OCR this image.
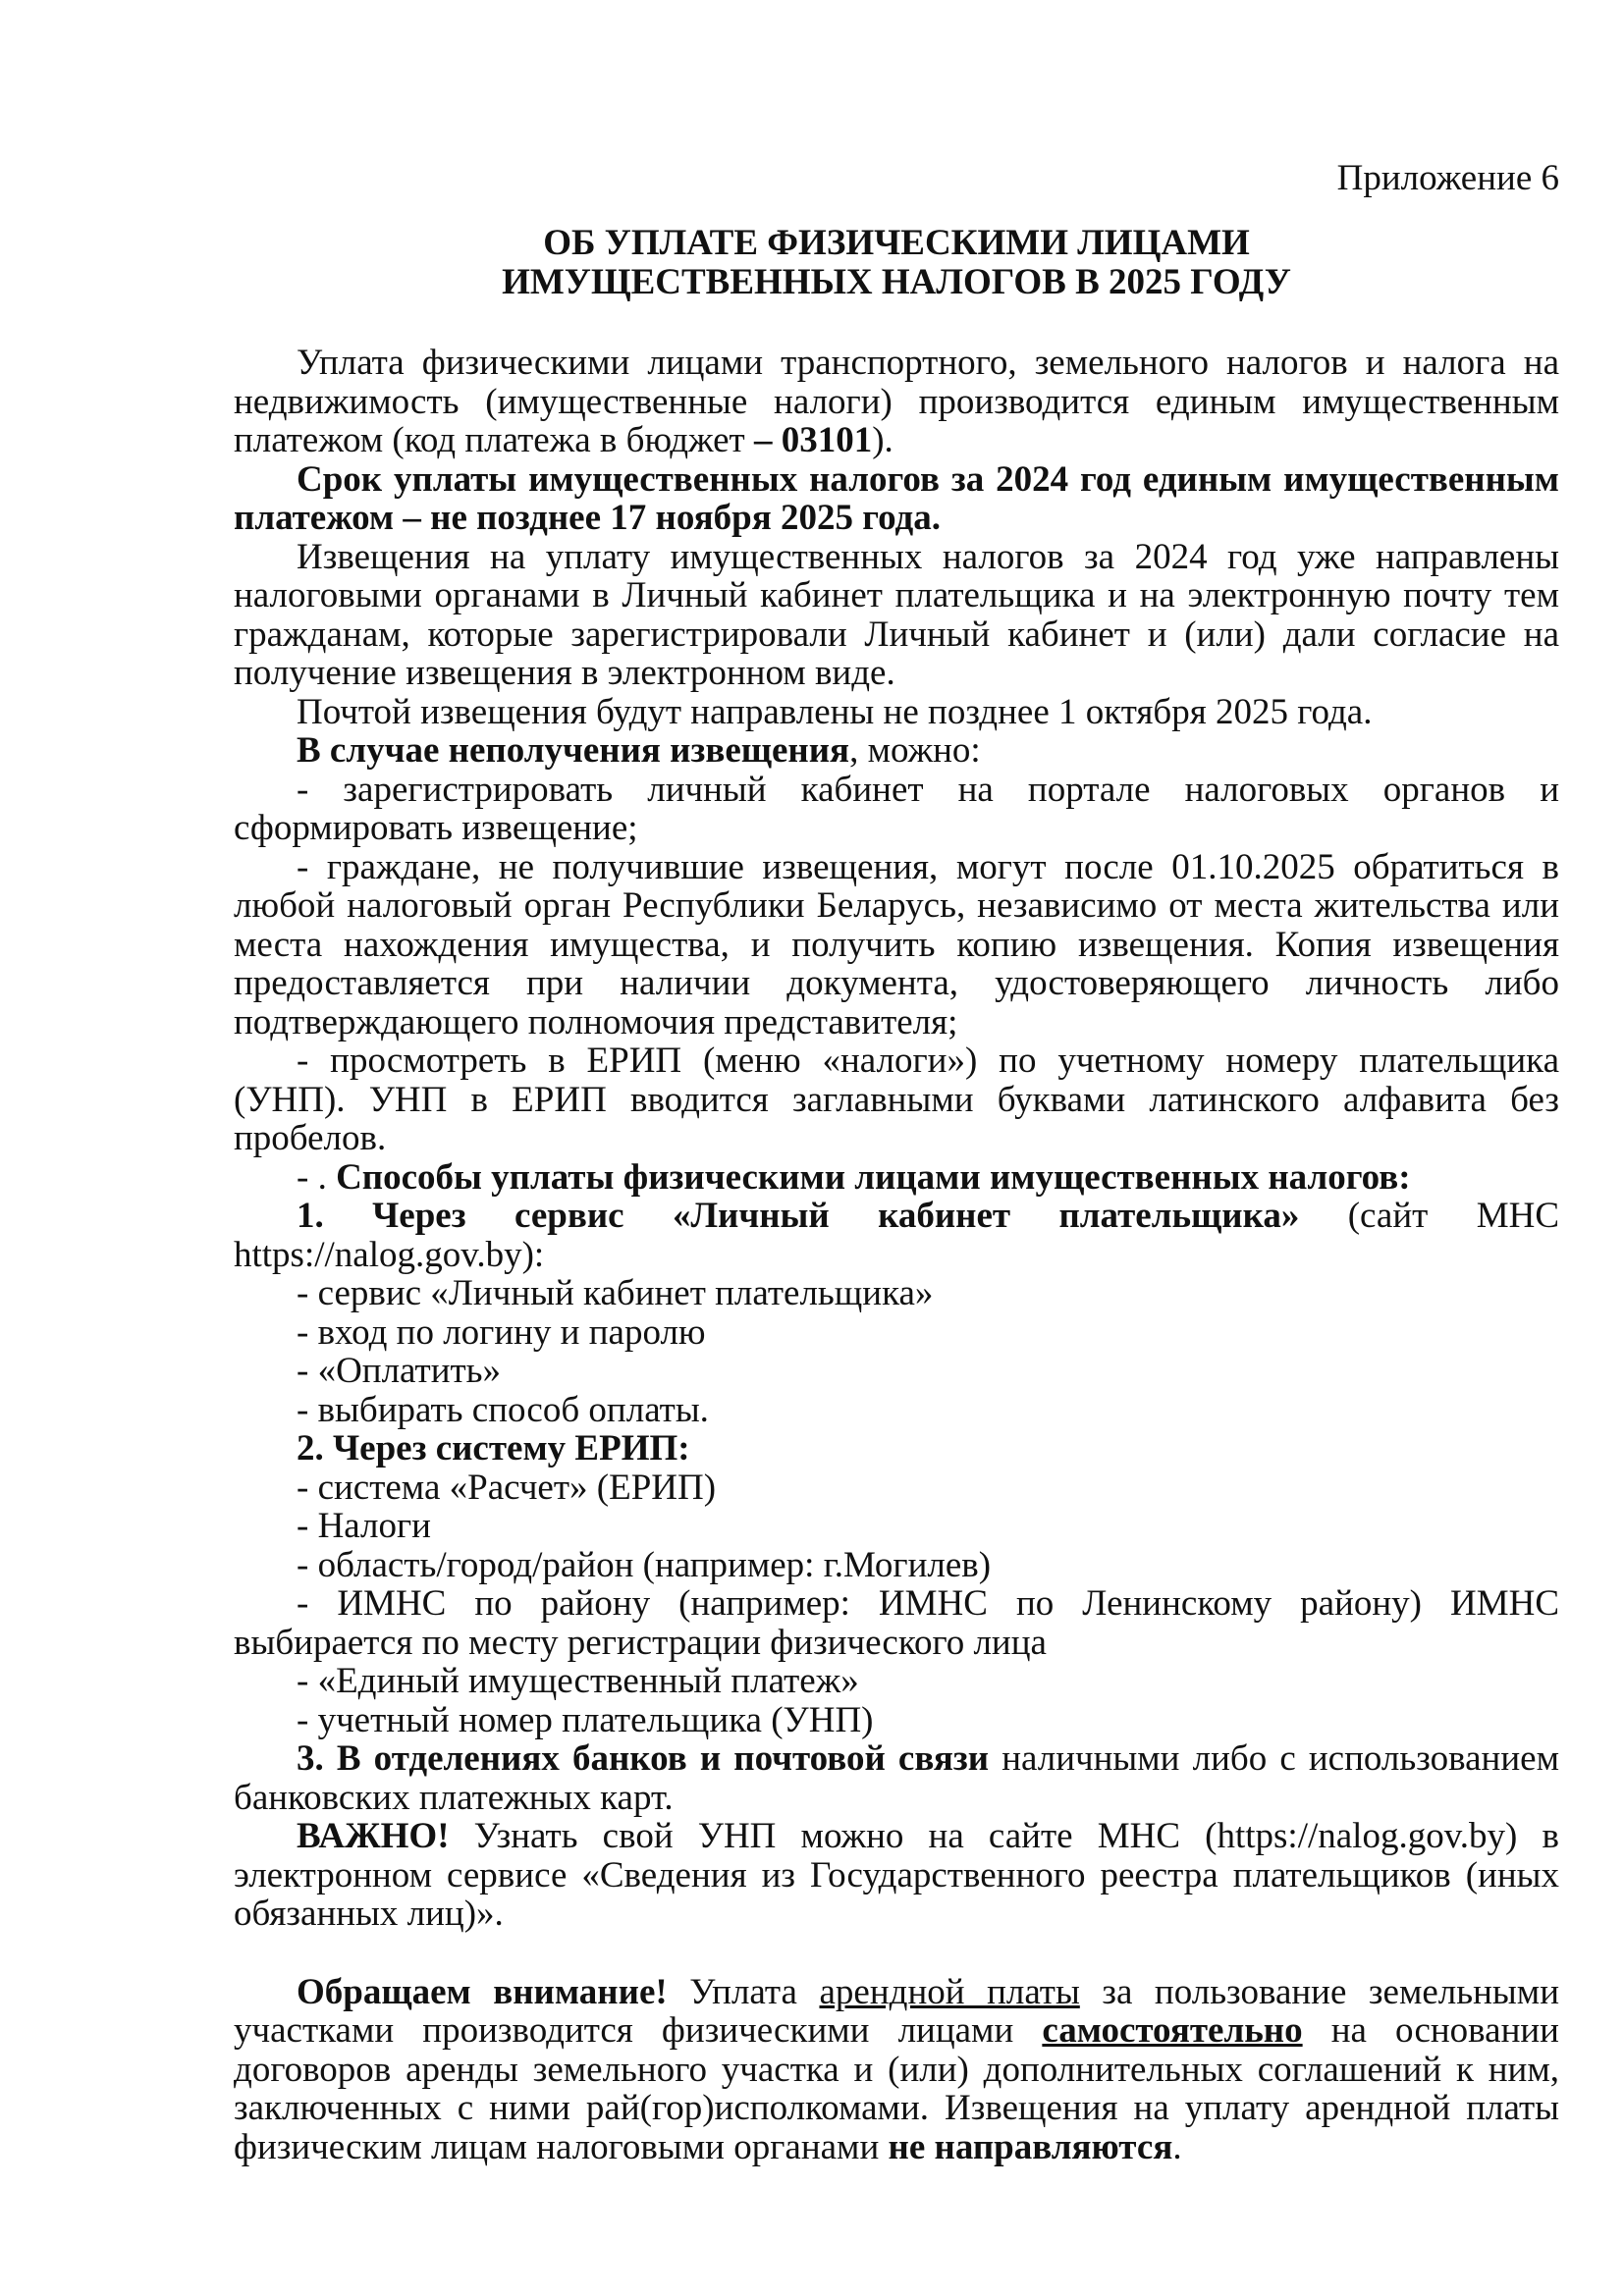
Приложение 6
ОБ УПЛАТЕ ФИЗИЧЕСКИМИ ЛИЦАМИ
ИМУЩЕСТВЕННЫХ НАЛОГОВ В 2025 ГОДУ

Уплата физическими лицами транспортного, земельного налогов и налога на недвижимость (имущественные налоги) производится единым имущественным платежом (код платежа в бюджет – 03101).

Срок уплаты имущественных налогов за 2024 год единым имущественным платежом – не позднее 17 ноября 2025 года.

Извещения на уплату имущественных налогов за 2024 год уже направлены налоговыми органами в Личный кабинет плательщика и на электронную почту тем гражданам, которые зарегистрировали Личный кабинет и (или) дали согласие на получение извещения в электронном виде.

Почтой извещения будут направлены не позднее 1 октября 2025 года.

В случае неполучения извещения, можно:

- зарегистрировать личный кабинет на портале налоговых органов и сформировать извещение;

- граждане, не получившие извещения, могут после 01.10.2025 обратиться в любой налоговый орган Республики Беларусь, независимо от места жительства или места нахождения имущества, и получить копию извещения. Копия извещения предоставляется при наличии документа, удостоверяющего личность либо подтверждающего полномочия представителя;

- просмотреть в ЕРИП (меню «налоги») по учетному номеру плательщика (УНП). УНП в ЕРИП вводится заглавными буквами латинского алфавита без пробелов.

- . Способы уплаты физическими лицами имущественных налогов:

1. Через сервис «Личный кабинет плательщика» (сайт МНС https://nalog.gov.by):

- сервис «Личный кабинет плательщика»

- вход по логину и паролю

- «Оплатить»

- выбирать способ оплаты.

2. Через систему ЕРИП:

- система «Расчет» (ЕРИП)

- Налоги

- область/город/район (например: г.Могилев)

- ИМНС по району (например: ИМНС по Ленинскому району) ИМНС выбирается по месту регистрации физического лица

- «Единый имущественный платеж»

- учетный номер плательщика (УНП)

3. В отделениях банков и почтовой связи наличными либо с использованием банковских платежных карт.

ВАЖНО! Узнать свой УНП можно на сайте МНС (https://nalog.gov.by) в электронном сервисе «Сведения из Государственного реестра плательщиков (иных обязанных лиц)».

Обращаем внимание! Уплата арендной платы за пользование земельными участками производится физическими лицами самостоятельно на основании договоров аренды земельного участка и (или) дополнительных соглашений к ним, заключенных с ними рай(гор)исполкомами. Извещения на уплату арендной платы физическим лицам налоговыми органами не направляются.
